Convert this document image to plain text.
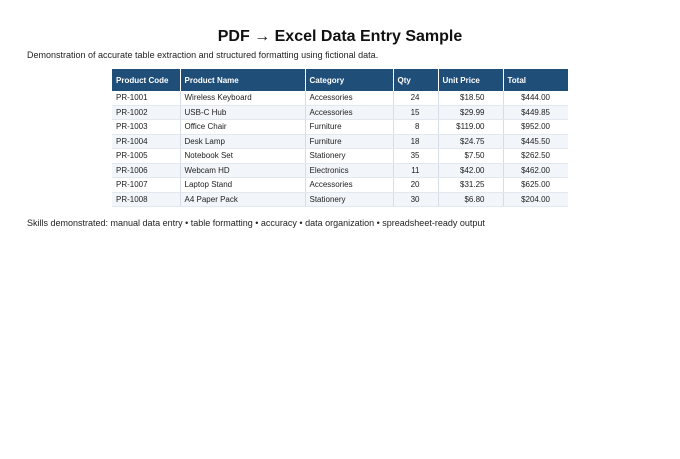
PDF → Excel Data Entry Sample

Demonstration of accurate table extraction and structured formatting using fictional data.

Product Code	Product Name	Category	Qty	Unit Price	Total
PR-1001	Wireless Keyboard	Accessories	24	$18.50	$444.00
PR-1002	USB-C Hub	Accessories	15	$29.99	$449.85
PR-1003	Office Chair	Furniture	8	$119.00	$952.00
PR-1004	Desk Lamp	Furniture	18	$24.75	$445.50
PR-1005	Notebook Set	Stationery	35	$7.50	$262.50
PR-1006	Webcam HD	Electronics	11	$42.00	$462.00
PR-1007	Laptop Stand	Accessories	20	$31.25	$625.00
PR-1008	A4 Paper Pack	Stationery	30	$6.80	$204.00

Skills demonstrated: manual data entry • table formatting • accuracy • data organization • spreadsheet-ready output
